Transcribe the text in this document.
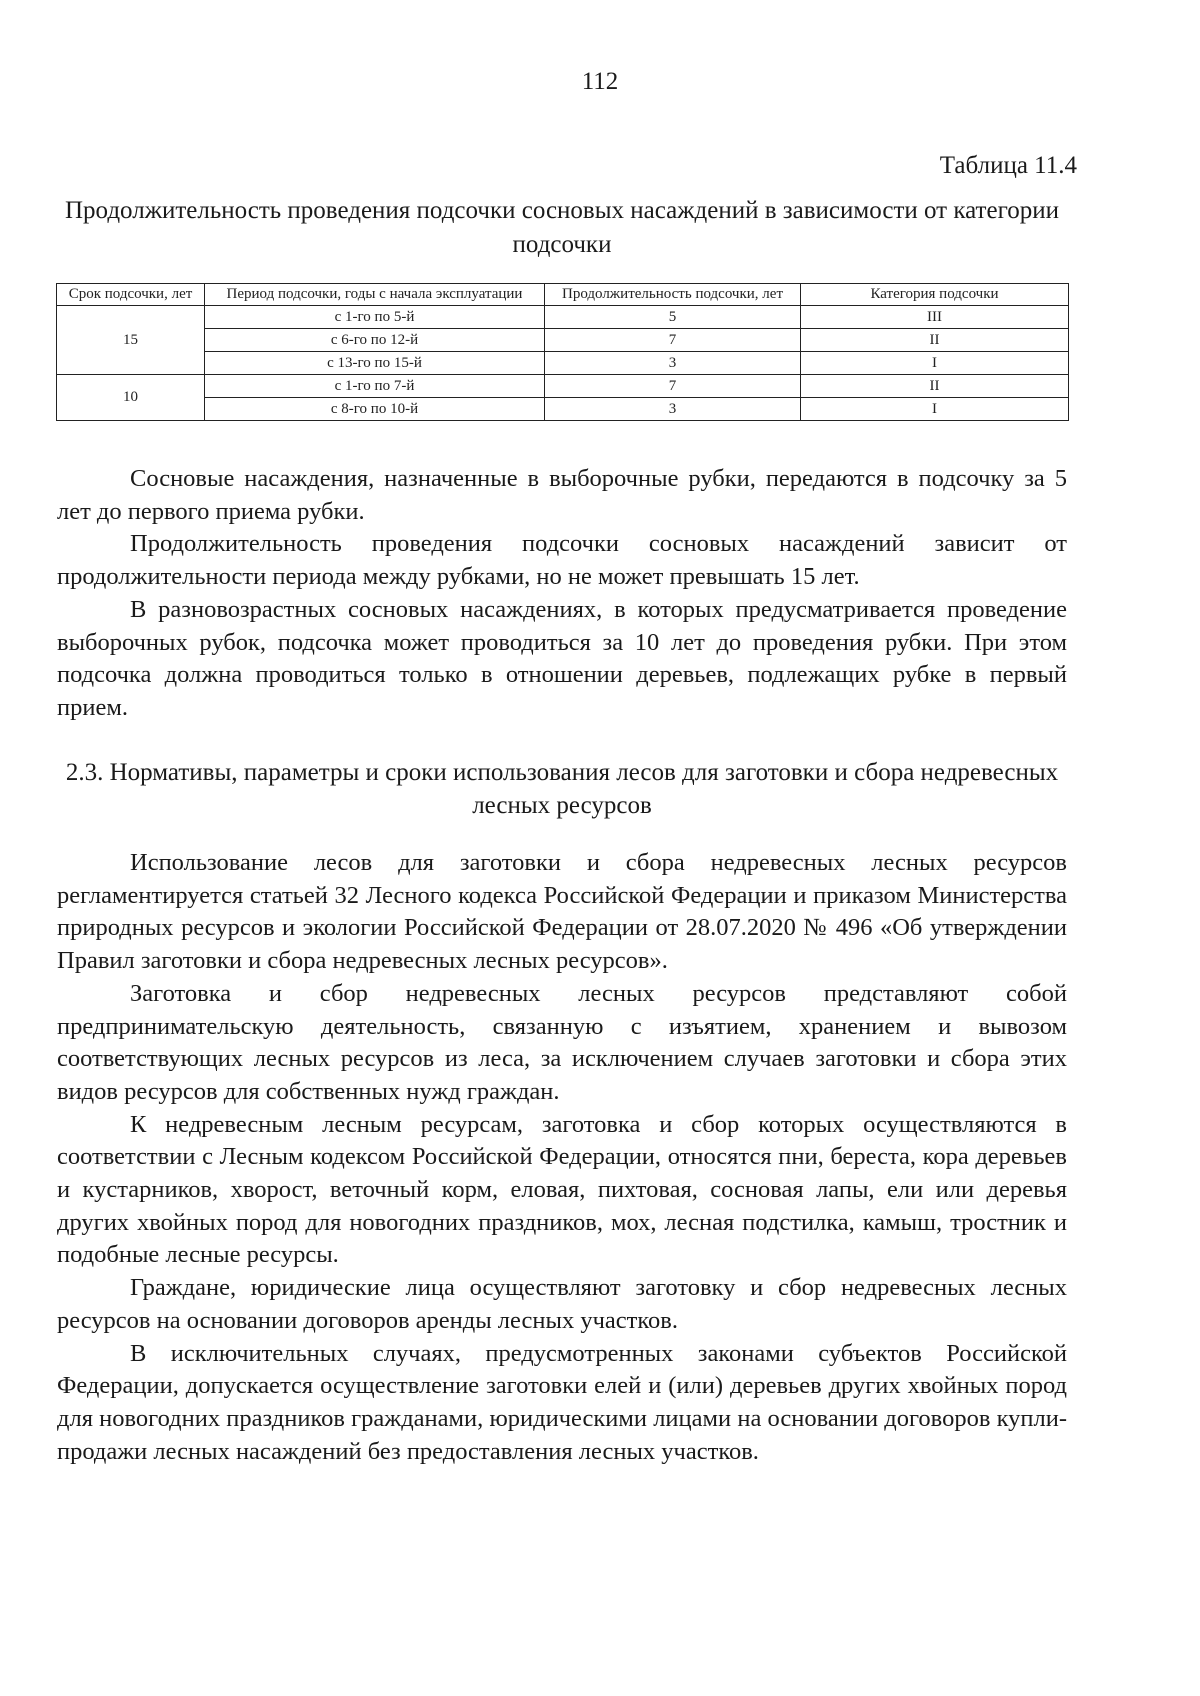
112
Таблица 11.4
Продолжительность проведения подсочки сосновых насаждений в зависимости от категории подсочки
Срок подсочки, лет	Период подсочки, годы с начала эксплуатации	Продолжительность подсочки, лет	Категория подсочки
15	с 1-го по 5-й	5	III
	с 6-го по 12-й	7	II
	с 13-го по 15-й	3	I
10	с 1-го по 7-й	7	II
	с 8-го по 10-й	3	I

Сосновые насаждения, назначенные в выборочные рубки, передаются в подсочку за 5 лет до первого приема рубки.

Продолжительность проведения подсочки сосновых насаждений зависит от продолжительности периода между рубками, но не может превышать 15 лет.

В разновозрастных сосновых насаждениях, в которых предусматривается проведение выборочных рубок, подсочка может проводиться за 10 лет до проведения рубки. При этом подсочка должна проводиться только в отношении деревьев, подлежащих рубке в первый прием.

2.3. Нормативы, параметры и сроки использования лесов для заготовки и сбора недревесных лесных ресурсов

Использование лесов для заготовки и сбора недревесных лесных ресурсов регламентируется статьей 32 Лесного кодекса Российской Федерации и приказом Министерства природных ресурсов и экологии Российской Федерации от 28.07.2020 № 496 «Об утверждении Правил заготовки и сбора недревесных лесных ресурсов».

Заготовка и сбор недревесных лесных ресурсов представляют собой предпринимательскую деятельность, связанную с изъятием, хранением и вывозом соответствующих лесных ресурсов из леса, за исключением случаев заготовки и сбора этих видов ресурсов для собственных нужд граждан.

К недревесным лесным ресурсам, заготовка и сбор которых осуществляются в соответствии с Лесным кодексом Российской Федерации, относятся пни, береста, кора деревьев и кустарников, хворост, веточный корм, еловая, пихтовая, сосновая лапы, ели или деревья других хвойных пород для новогодних праздников, мох, лесная подстилка, камыш, тростник и подобные лесные ресурсы.

Граждане, юридические лица осуществляют заготовку и сбор недревесных лесных ресурсов на основании договоров аренды лесных участков.

В исключительных случаях, предусмотренных законами субъектов Российской Федерации, допускается осуществление заготовки елей и (или) деревьев других хвойных пород для новогодних праздников гражданами, юридическими лицами на основании договоров купли-продажи лесных насаждений без предоставления лесных участков.
